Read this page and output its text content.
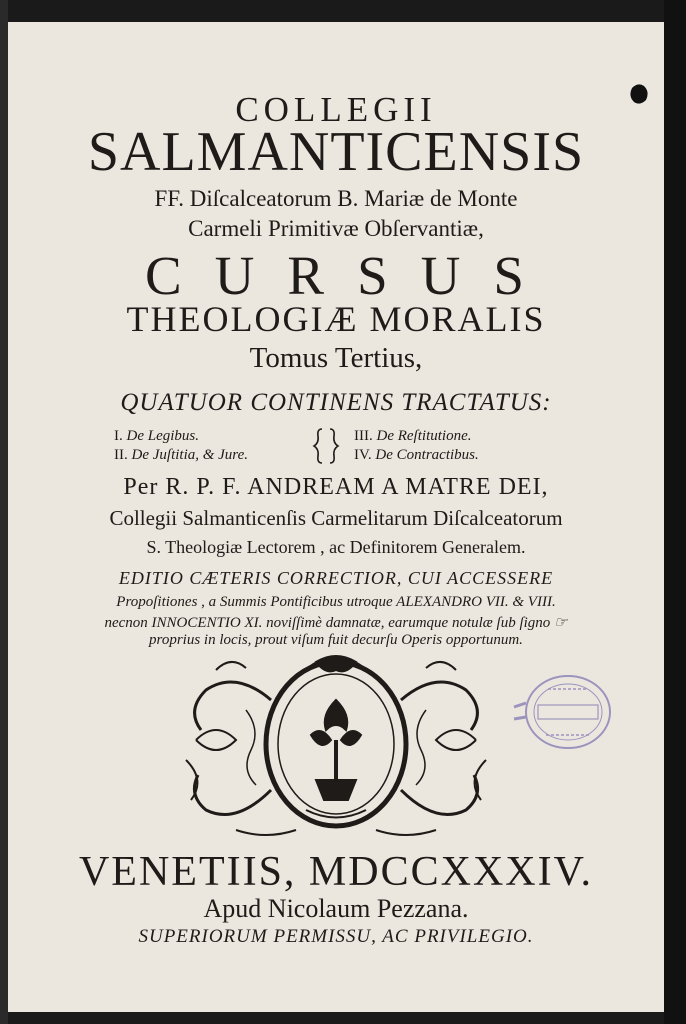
COLLEGII
SALMANTICENSIS
FF. Diſcalceatorum B. Mariæ de Monte
Carmeli Primitivæ Obſervantiæ,
CURSUS
THEOLOGIÆ MORALIS
Tomus Tertius,
QUATUOR CONTINENS TRACTATUS:
I. De Legibus.
II. De Juſtitia, & Jure.
III. De Reſtitutione.
IV. De Contractibus.
Per R. P. F. ANDREAM A MATRE DEI,
Collegii Salmanticenſis Carmelitarum Diſcalceatorum
S. Theologiæ Lectorem , ac Definitorem Generalem.
EDITIO CÆTERIS CORRECTIOR, CUI ACCESSERE
Propoſitiones , a Summis Pontificibus utroque ALEXANDRO VII. & VIII.
necnon INNOCENTIO XI. noviſſimè damnatæ, earumque notulæ ſub ſigno ☞
proprius in locis, prout viſum fuit decurſu Operis opportunum.
VENETIIS, MDCCXXXIV.
Apud Nicolaum Pezzana.
SUPERIORUM PERMISSU, AC PRIVILEGIO.
